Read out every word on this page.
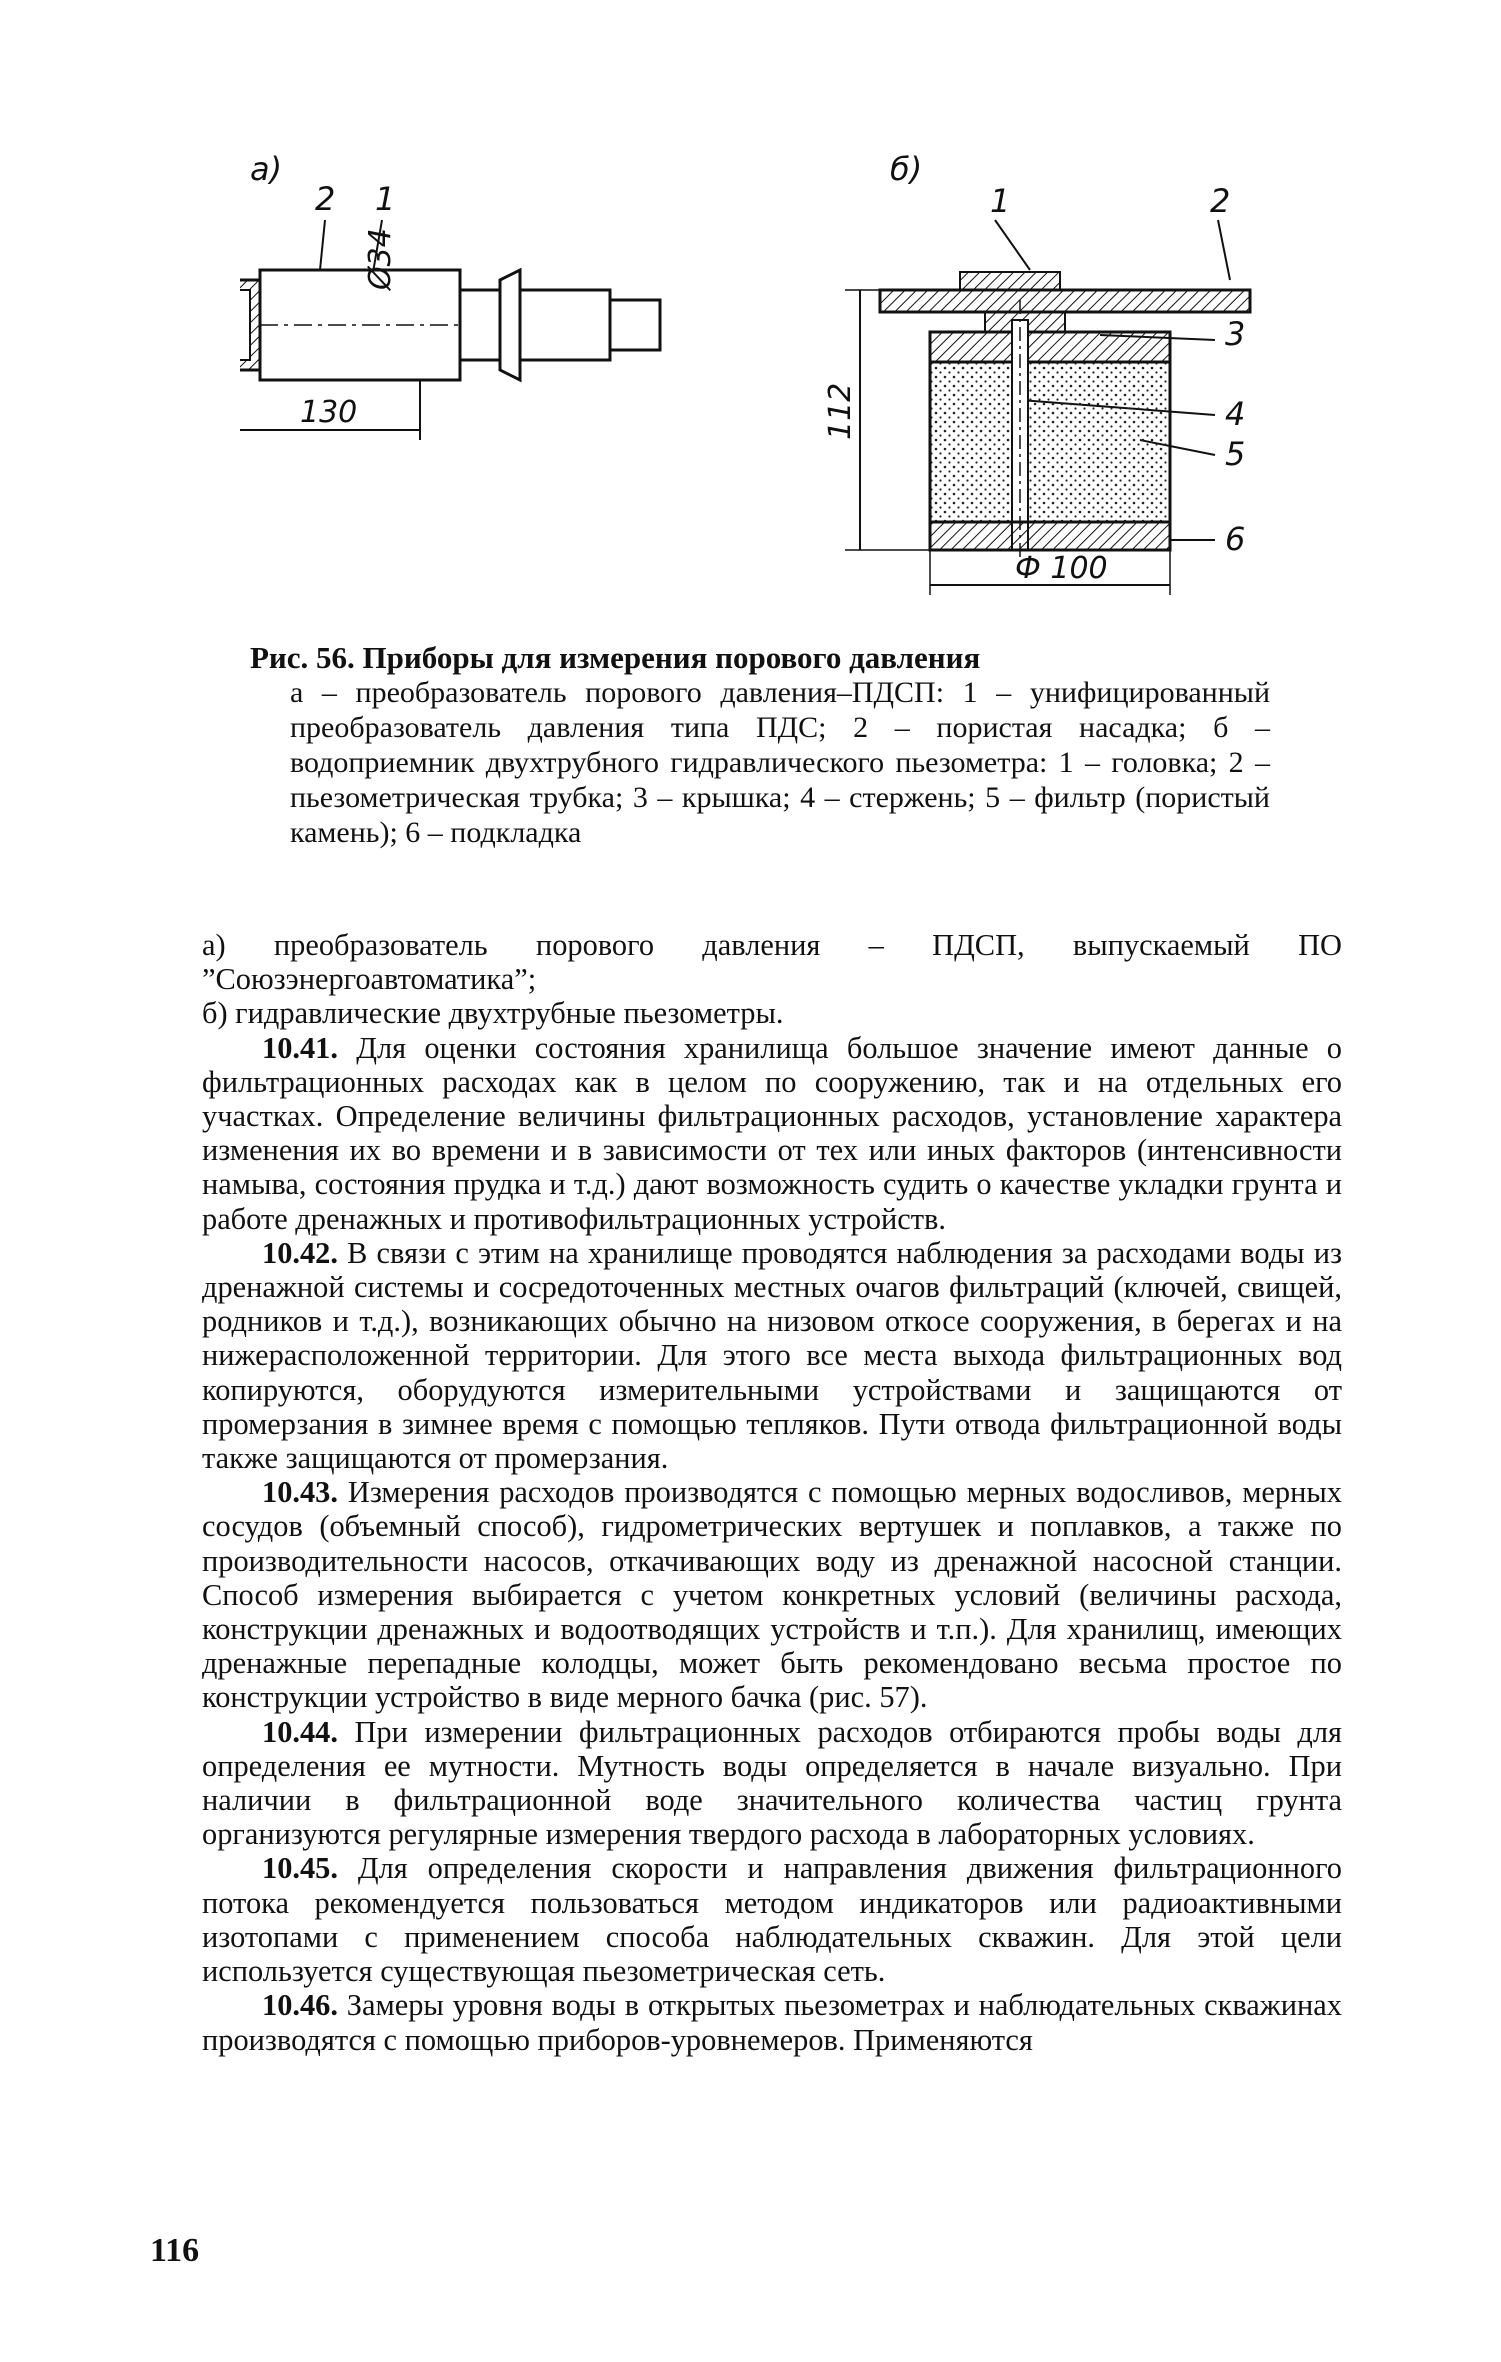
а)
2 1
Ø34
130
б)
1	2
3
4
5
6
112
Ф 100

Рис. 56. Приборы для измерения порового давления

а – преобразователь порового давления–ПДСП: 1 – унифицированный преобразователь давления типа ПДС; 2 – пористая насадка; б – водоприемник двухтрубного гидравлического пьезометра: 1 – головка; 2 – пьезометрическая трубка; 3 – крышка; 4 – стержень; 5 – фильтр (пористый камень); 6 – подкладка

а) преобразователь порового давления – ПДСП, выпускаемый ПО ”Союзэнергоавтоматика”;

б) гидравлические двухтрубные пьезометры.

10.41. Для оценки состояния хранилища большое значение имеют данные о фильтрационных расходах как в целом по сооружению, так и на отдельных его участках. Определение величины фильтрационных расходов, установление характера изменения их во времени и в зависимости от тех или иных факторов (интенсивности намыва, состояния прудка и т.д.) дают возможность судить о качестве укладки грунта и работе дренажных и противофильтрационных устройств.

10.42. В связи с этим на хранилище проводятся наблюдения за расходами воды из дренажной системы и сосредоточенных местных очагов фильтраций (ключей, свищей, родников и т.д.), возникающих обычно на низовом откосе сооружения, в берегах и на нижерасположенной территории. Для этого все места выхода фильтрационных вод копируются, оборудуются измерительными устройствами и защищаются от промерзания в зимнее время с помощью тепляков. Пути отвода фильтрационной воды также защищаются от промерзания.

10.43. Измерения расходов производятся с помощью мерных водосливов, мерных сосудов (объемный способ), гидрометрических вертушек и поплавков, а также по производительности насосов, откачивающих воду из дренажной насосной станции. Способ измерения выбирается с учетом конкретных условий (величины расхода, конструкции дренажных и водоотводящих устройств и т.п.). Для хранилищ, имеющих дренажные перепадные колодцы, может быть рекомендовано весьма простое по конструкции устройство в виде мерного бачка (рис. 57).

10.44. При измерении фильтрационных расходов отбираются пробы воды для определения ее мутности. Мутность воды определяется в начале визуально. При наличии в фильтрационной воде значительного количества частиц грунта организуются регулярные измерения твердого расхода в лабораторных условиях.

10.45. Для определения скорости и направления движения фильтрационного потока рекомендуется пользоваться методом индикаторов или радиоактивными изотопами с применением способа наблюдательных скважин. Для этой цели используется существующая пьезометрическая сеть.

10.46. Замеры уровня воды в открытых пьезометрах и наблюдательных скважинах производятся с помощью приборов-уровнемеров. Применяются

116
